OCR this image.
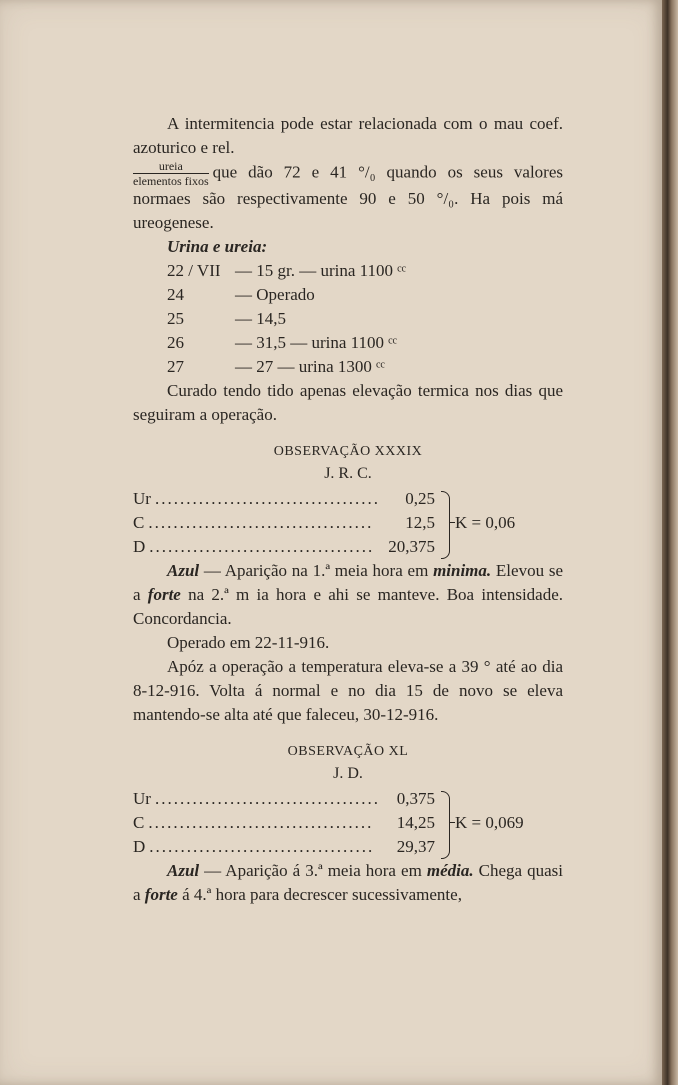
A intermitencia pode estar relacionada com o mau coef. azoturico e rel.

$\frac{\text{ureia}}{\text{elementos fixos}}$ que dão 72 e 41 °/₀ quando os seus valores normaes são respectivamente 90 e 50 °/₀. Ha pois má ureogenese.

Urina e ureia:
22 / VII — 15 gr. — urina 1100 ᶜᶜ
24	— Operado
25	— 14,5
26	— 31,5 — urina 1100 ᶜᶜ
27	— 27 — urina 1300 ᶜᶜ

Curado tendo tido apenas elevação termica nos dias que seguiram a operação.

OBSERVAÇÃO XXXIX
J. R. C.
Ur ....................................	0,25
C ....................................	12,5
D .................................... 20,375
K = 0,06

Azul — Aparição na 1.ª meia hora em minima. Elevou se a forte na 2.ª m ia hora e ahi se manteve. Boa intensidade. Concordancia.

Operado em 22-11-916.

Apóz a operação a temperatura eleva-se a 39 ° até ao dia 8-12-916. Volta á normal e no dia 15 de novo se eleva mantendo-se alta até que faleceu, 30-12-916.

OBSERVAÇÃO XL
J. D.
Ur .................................... 0,375
C ....................................	14,25
D ....................................	29,37
K = 0,069

Azul — Aparição á 3.ª meia hora em média. Chega quasi a forte á 4.ª hora para decrescer sucessivamente,
